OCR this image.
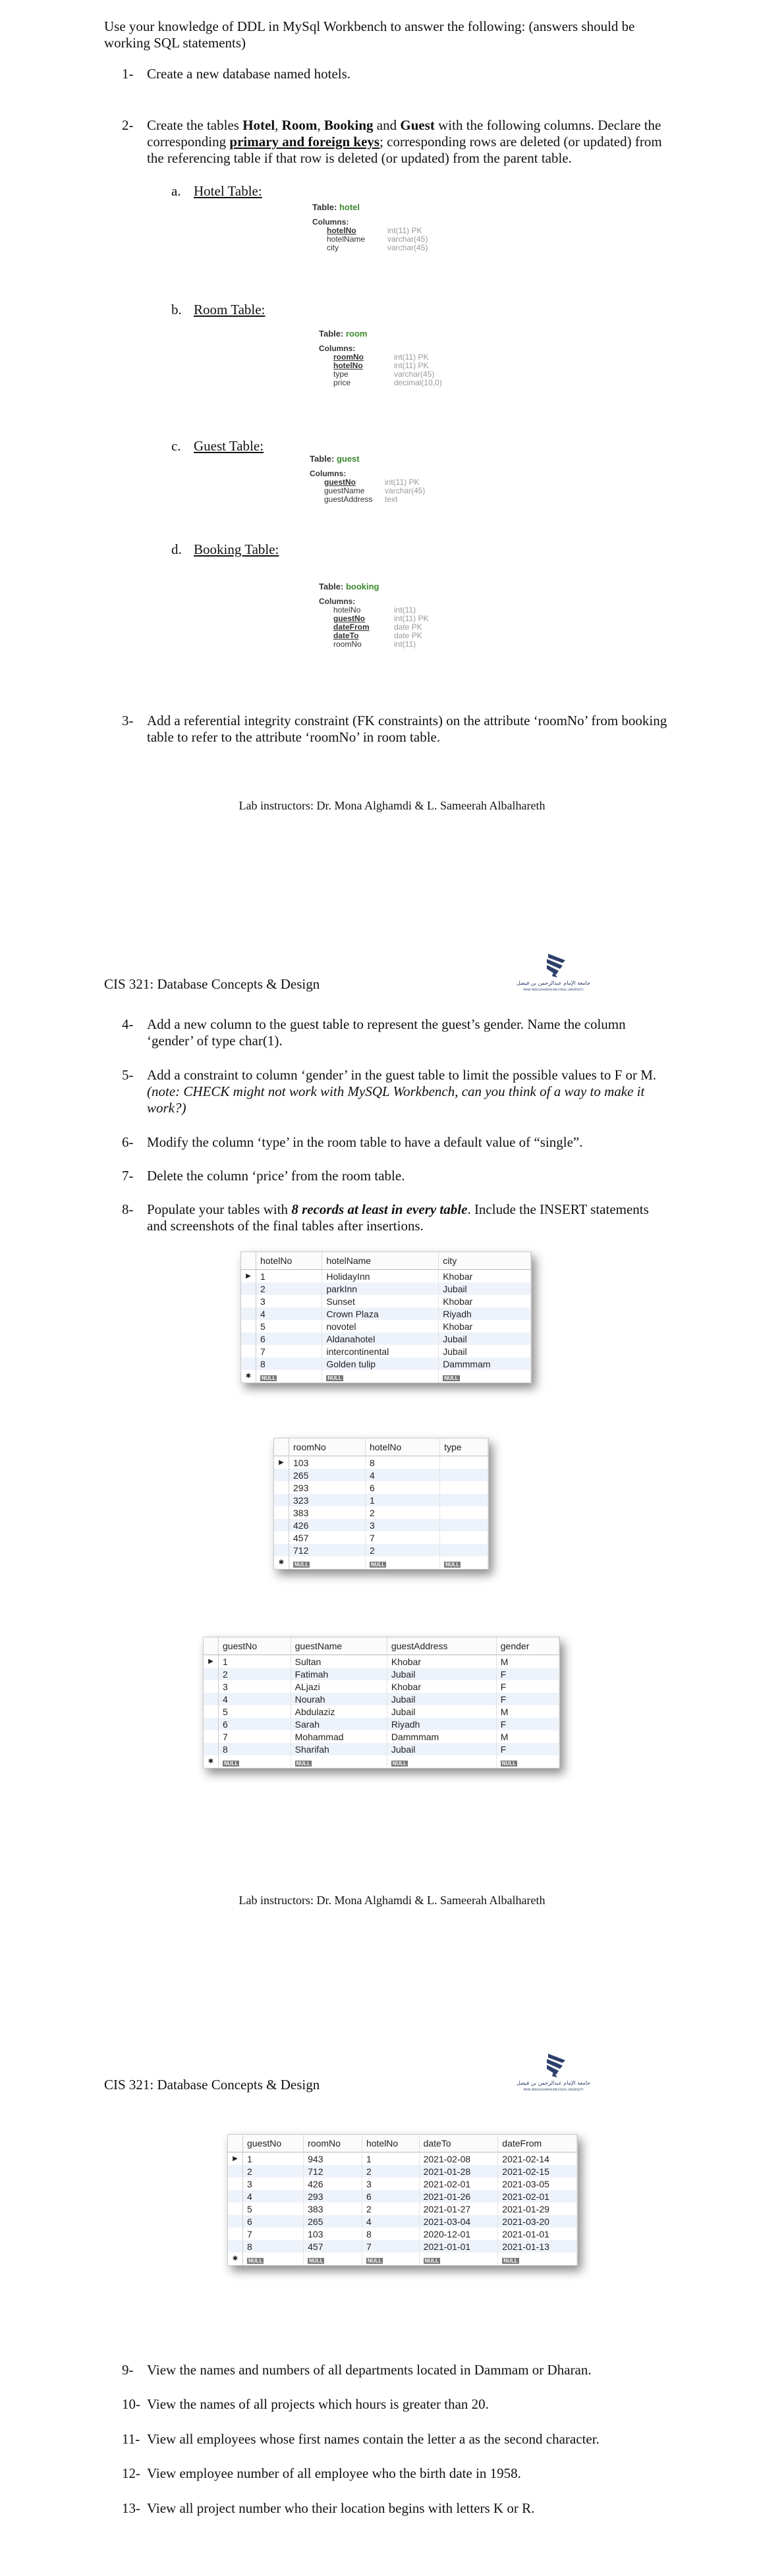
Use your knowledge of DDL in MySql Workbench to answer the following: (answers should be working SQL statements)
1- Create a new database named hotels.
2- Create the tables Hotel, Room, Booking and Guest with the following columns. Declare the corresponding primary and foreign keys; corresponding rows are deleted (or updated) from the referencing table if that row is deleted (or updated) from the parent table.
a. Hotel Table:
Table: hotel
Columns:
hotelNo	int(11) PK
hotelName	varchar(45)
city	varchar(45)
b. Room Table:
Table: room
Columns:
roomNo	int(11) PK
hotelNo	int(11) PK
type	varchar(45)
price	decimal(10,0)
c. Guest Table:
Table: guest
Columns:
guestNo	int(11) PK
guestName	varchar(45)
guestAddress	text
d. Booking Table:
Table: booking
Columns:
hotelNo	int(11)
guestNo	int(11) PK
dateFrom	date PK
dateTo	date PK
roomNo	int(11)
3- Add a referential integrity constraint (FK constraints) on the attribute ‘roomNo’ from booking table to refer to the attribute ‘roomNo’ in room table.
Lab instructors: Dr. Mona Alghamdi & L. Sameerah Albalhareth
CIS 321: Database Concepts & Design	جامعة الإمام عبدالرحمن بن فيصل
IMAM ABDULRAHMAN BIN FAISAL UNIVERSITY
4- Add a new column to the guest table to represent the guest’s gender. Name the column ‘gender’ of type char(1).
5- Add a constraint to column ‘gender’ in the guest table to limit the possible values to F or M. (note: CHECK might not work with MySQL Workbench, can you think of a way to make it work?)
6- Modify the column ‘type’ in the room table to have a default value of “single”.
7- Delete the column ‘price’ from the room table.
8- Populate your tables with 8 records at least in every table. Include the INSERT statements and screenshots of the final tables after insertions.
	hotelNo	hotelName	city
▶	1	HolidayInn	Khobar
	2	parkInn	Jubail
	3	Sunset	Khobar
	4	Crown Plaza	Riyadh
	5	novotel	Khobar
	6	Aldanahotel	Jubail
	7	intercontinental	Jubail
	8	Golden tulip	Dammmam
✱	NULL	NULL	NULL
	roomNo	hotelNo	type
▶	103	8	
	265	4	
	293	6	
	323	1	
	383	2	
	426	3	
	457	7	
	712	2	
✱	NULL	NULL	NULL
	guestNo	guestName	guestAddress	gender
▶	1	Sultan	Khobar	M
	2	Fatimah	Jubail	F
	3	ALjazi	Khobar	F
	4	Nourah	Jubail	F
	5	Abdulaziz	Jubail	M
	6	Sarah	Riyadh	F
	7	Mohammad	Dammmam	M
	8	Sharifah	Jubail	F
✱	NULL	NULL	NULL	NULL
Lab instructors: Dr. Mona Alghamdi & L. Sameerah Albalhareth
CIS 321: Database Concepts & Design	جامعة الإمام عبدالرحمن بن فيصل
IMAM ABDULRAHMAN BIN FAISAL UNIVERSITY
	guestNo	roomNo	hotelNo	dateTo	dateFrom
▶	1	943	1	2021-02-08	2021-02-14
	2	712	2	2021-01-28	2021-02-15
	3	426	3	2021-02-01	2021-03-05
	4	293	6	2021-01-26	2021-02-01
	5	383	2	2021-01-27	2021-01-29
	6	265	4	2021-03-04	2021-03-20
	7	103	8	2020-12-01	2021-01-01
	8	457	7	2021-01-01	2021-01-13
✱	NULL	NULL	NULL	NULL	NULL
9- View the names and numbers of all departments located in Dammam or Dharan.
10- View the names of all projects which hours is greater than 20.
11- View all employees whose first names contain the letter a as the second character.
12- View employee number of all employee who the birth date in 1958.
13- View all project number who their location begins with letters K or R.
